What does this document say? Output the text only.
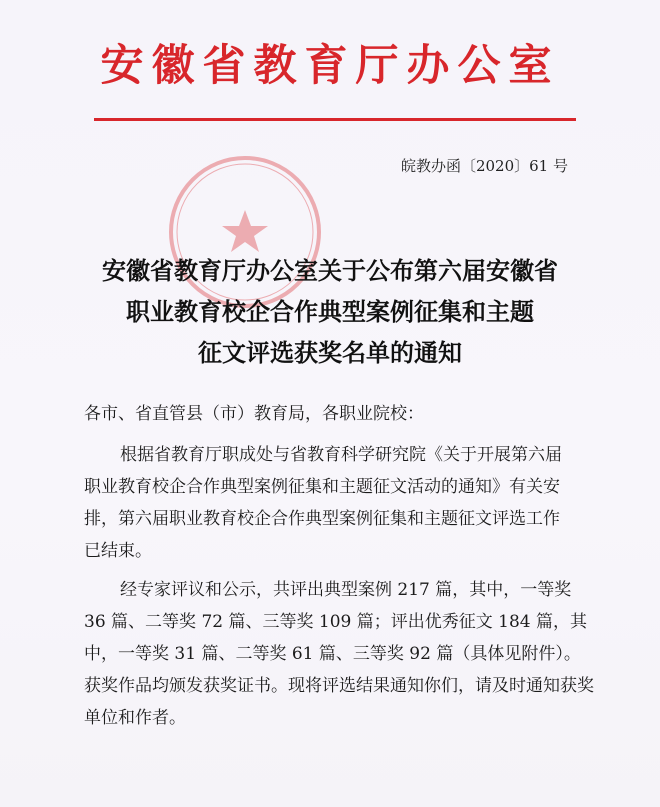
安徽省教育厅办公室
皖教办函〔2020〕61 号
安徽省教育厅办公室关于公布第六届安徽省
职业教育校企合作典型案例征集和主题
征文评选获奖名单的通知
各市、省直管县（市）教育局，各职业院校：
根据省教育厅职成处与省教育科学研究院《关于开展第六届
职业教育校企合作典型案例征集和主题征文活动的通知》有关安
排，第六届职业教育校企合作典型案例征集和主题征文评选工作
已结束。
经专家评议和公示，共评出典型案例 217 篇，其中，一等奖
36 篇、二等奖 72 篇、三等奖 109 篇；评出优秀征文 184 篇，其
中，一等奖 31 篇、二等奖 61 篇、三等奖 92 篇（具体见附件）。
获奖作品均颁发获奖证书。现将评选结果通知你们，请及时通知获奖
单位和作者。
